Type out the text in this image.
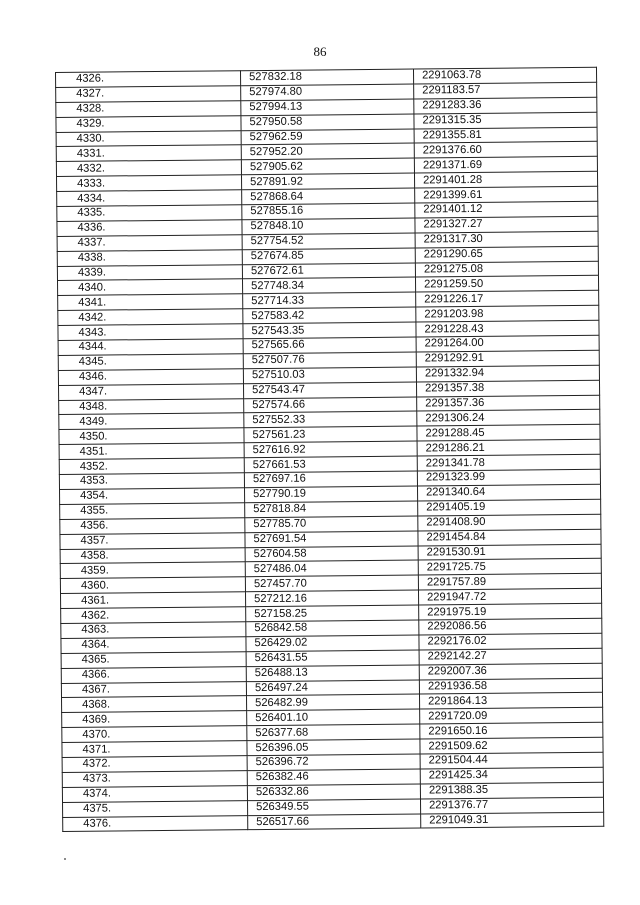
86
4326.	527832.18	2291063.78
4327.	527974.80	2291183.57
4328.	527994.13	2291283.36
4329.	527950.58	2291315.35
4330.	527962.59	2291355.81
4331.	527952.20	2291376.60
4332.	527905.62	2291371.69
4333.	527891.92	2291401.28
4334.	527868.64	2291399.61
4335.	527855.16	2291401.12
4336.	527848.10	2291327.27
4337.	527754.52	2291317.30
4338.	527674.85	2291290.65
4339.	527672.61	2291275.08
4340.	527748.34	2291259.50
4341.	527714.33	2291226.17
4342.	527583.42	2291203.98
4343.	527543.35	2291228.43
4344.	527565.66	2291264.00
4345.	527507.76	2291292.91
4346.	527510.03	2291332.94
4347.	527543.47	2291357.38
4348.	527574.66	2291357.36
4349.	527552.33	2291306.24
4350.	527561.23	2291288.45
4351.	527616.92	2291286.21
4352.	527661.53	2291341.78
4353.	527697.16	2291323.99
4354.	527790.19	2291340.64
4355.	527818.84	2291405.19
4356.	527785.70	2291408.90
4357.	527691.54	2291454.84
4358.	527604.58	2291530.91
4359.	527486.04	2291725.75
4360.	527457.70	2291757.89
4361.	527212.16	2291947.72
4362.	527158.25	2291975.19
4363.	526842.58	2292086.56
4364.	526429.02	2292176.02
4365.	526431.55	2292142.27
4366.	526488.13	2292007.36
4367.	526497.24	2291936.58
4368.	526482.99	2291864.13
4369.	526401.10	2291720.09
4370.	526377.68	2291650.16
4371.	526396.05	2291509.62
4372.	526396.72	2291504.44
4373.	526382.46	2291425.34
4374.	526332.86	2291388.35
4375.	526349.55	2291376.77
4376.	526517.66	2291049.31
